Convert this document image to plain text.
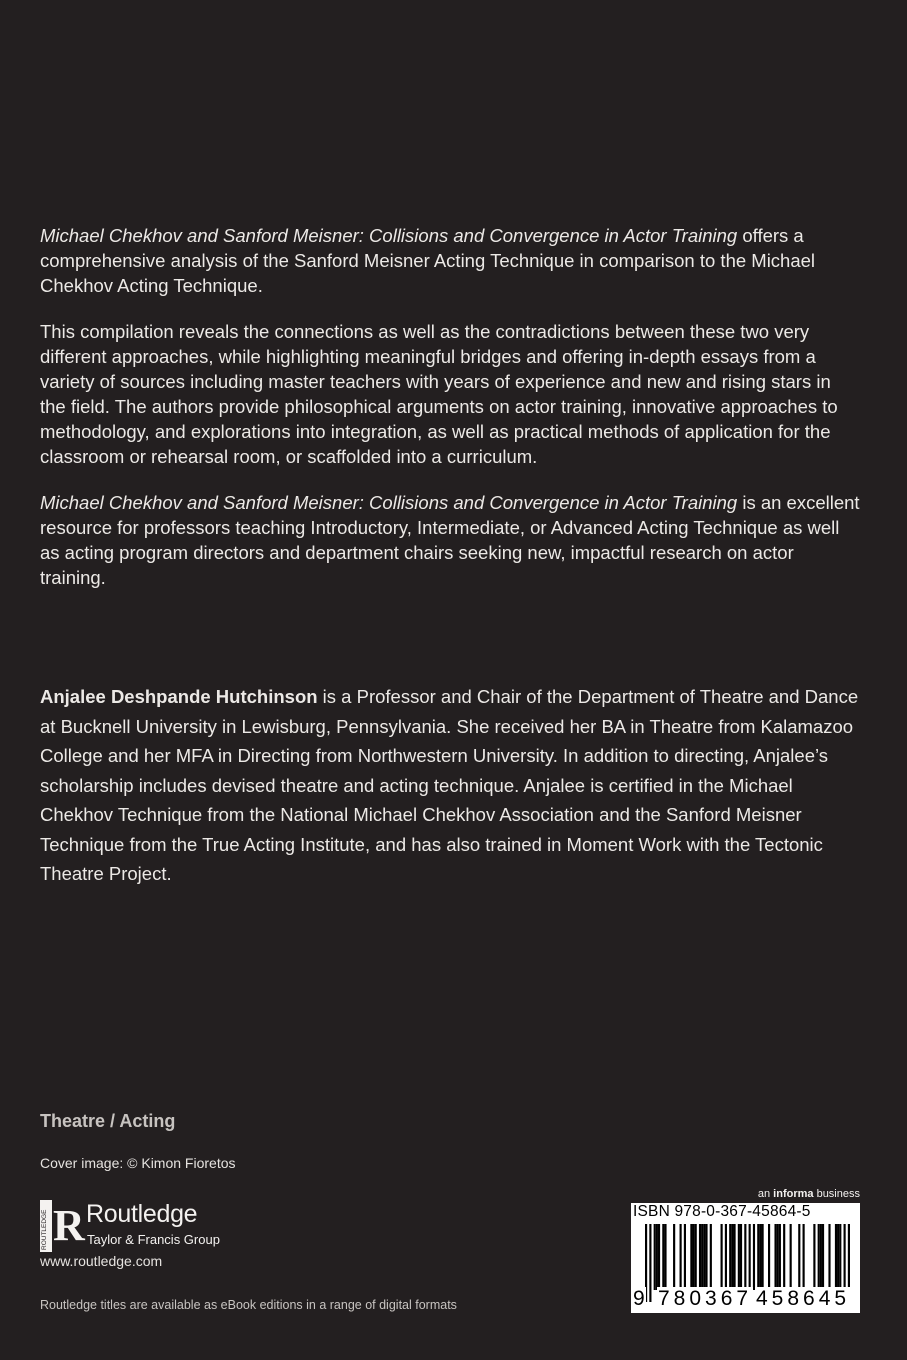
Michael Chekhov and Sanford Meisner: Collisions and Convergence in Actor Training offers a comprehensive analysis of the Sanford Meisner Acting Technique in comparison to the Michael Chekhov Acting Technique.

This compilation reveals the connections as well as the contradictions between these two very different approaches, while highlighting meaningful bridges and offering in-depth essays from a variety of sources including master teachers with years of experience and new and rising stars in the field. The authors provide philosophical arguments on actor training, innovative approaches to methodology, and explorations into integration, as well as practical methods of application for the classroom or rehearsal room, or scaffolded into a curriculum.

Michael Chekhov and Sanford Meisner: Collisions and Convergence in Actor Training is an excellent resource for professors teaching Introductory, Intermediate, or Advanced Acting Technique as well as acting program directors and department chairs seeking new, impactful research on actor training.

Anjalee Deshpande Hutchinson is a Professor and Chair of the Department of Theatre and Dance at Bucknell University in Lewisburg, Pennsylvania. She received her BA in Theatre from Kalamazoo College and her MFA in Directing from Northwestern University. In addition to directing, Anjalee’s scholarship includes devised theatre and acting technique. Anjalee is certified in the Michael Chekhov Technique from the National Michael Chekhov Association and the Sanford Meisner Technique from the True Acting Institute, and has also trained in Moment Work with the Tectonic Theatre Project.

Theatre / Acting
Cover image: © Kimon Fioretos
ROUTLEDGE R Routledge
Taylor & Francis Group
www.routledge.com
Routledge titles are available as eBook editions in a range of digital formats
an informa business
ISBN 978-0-367-45864-5
9 780367 458645
